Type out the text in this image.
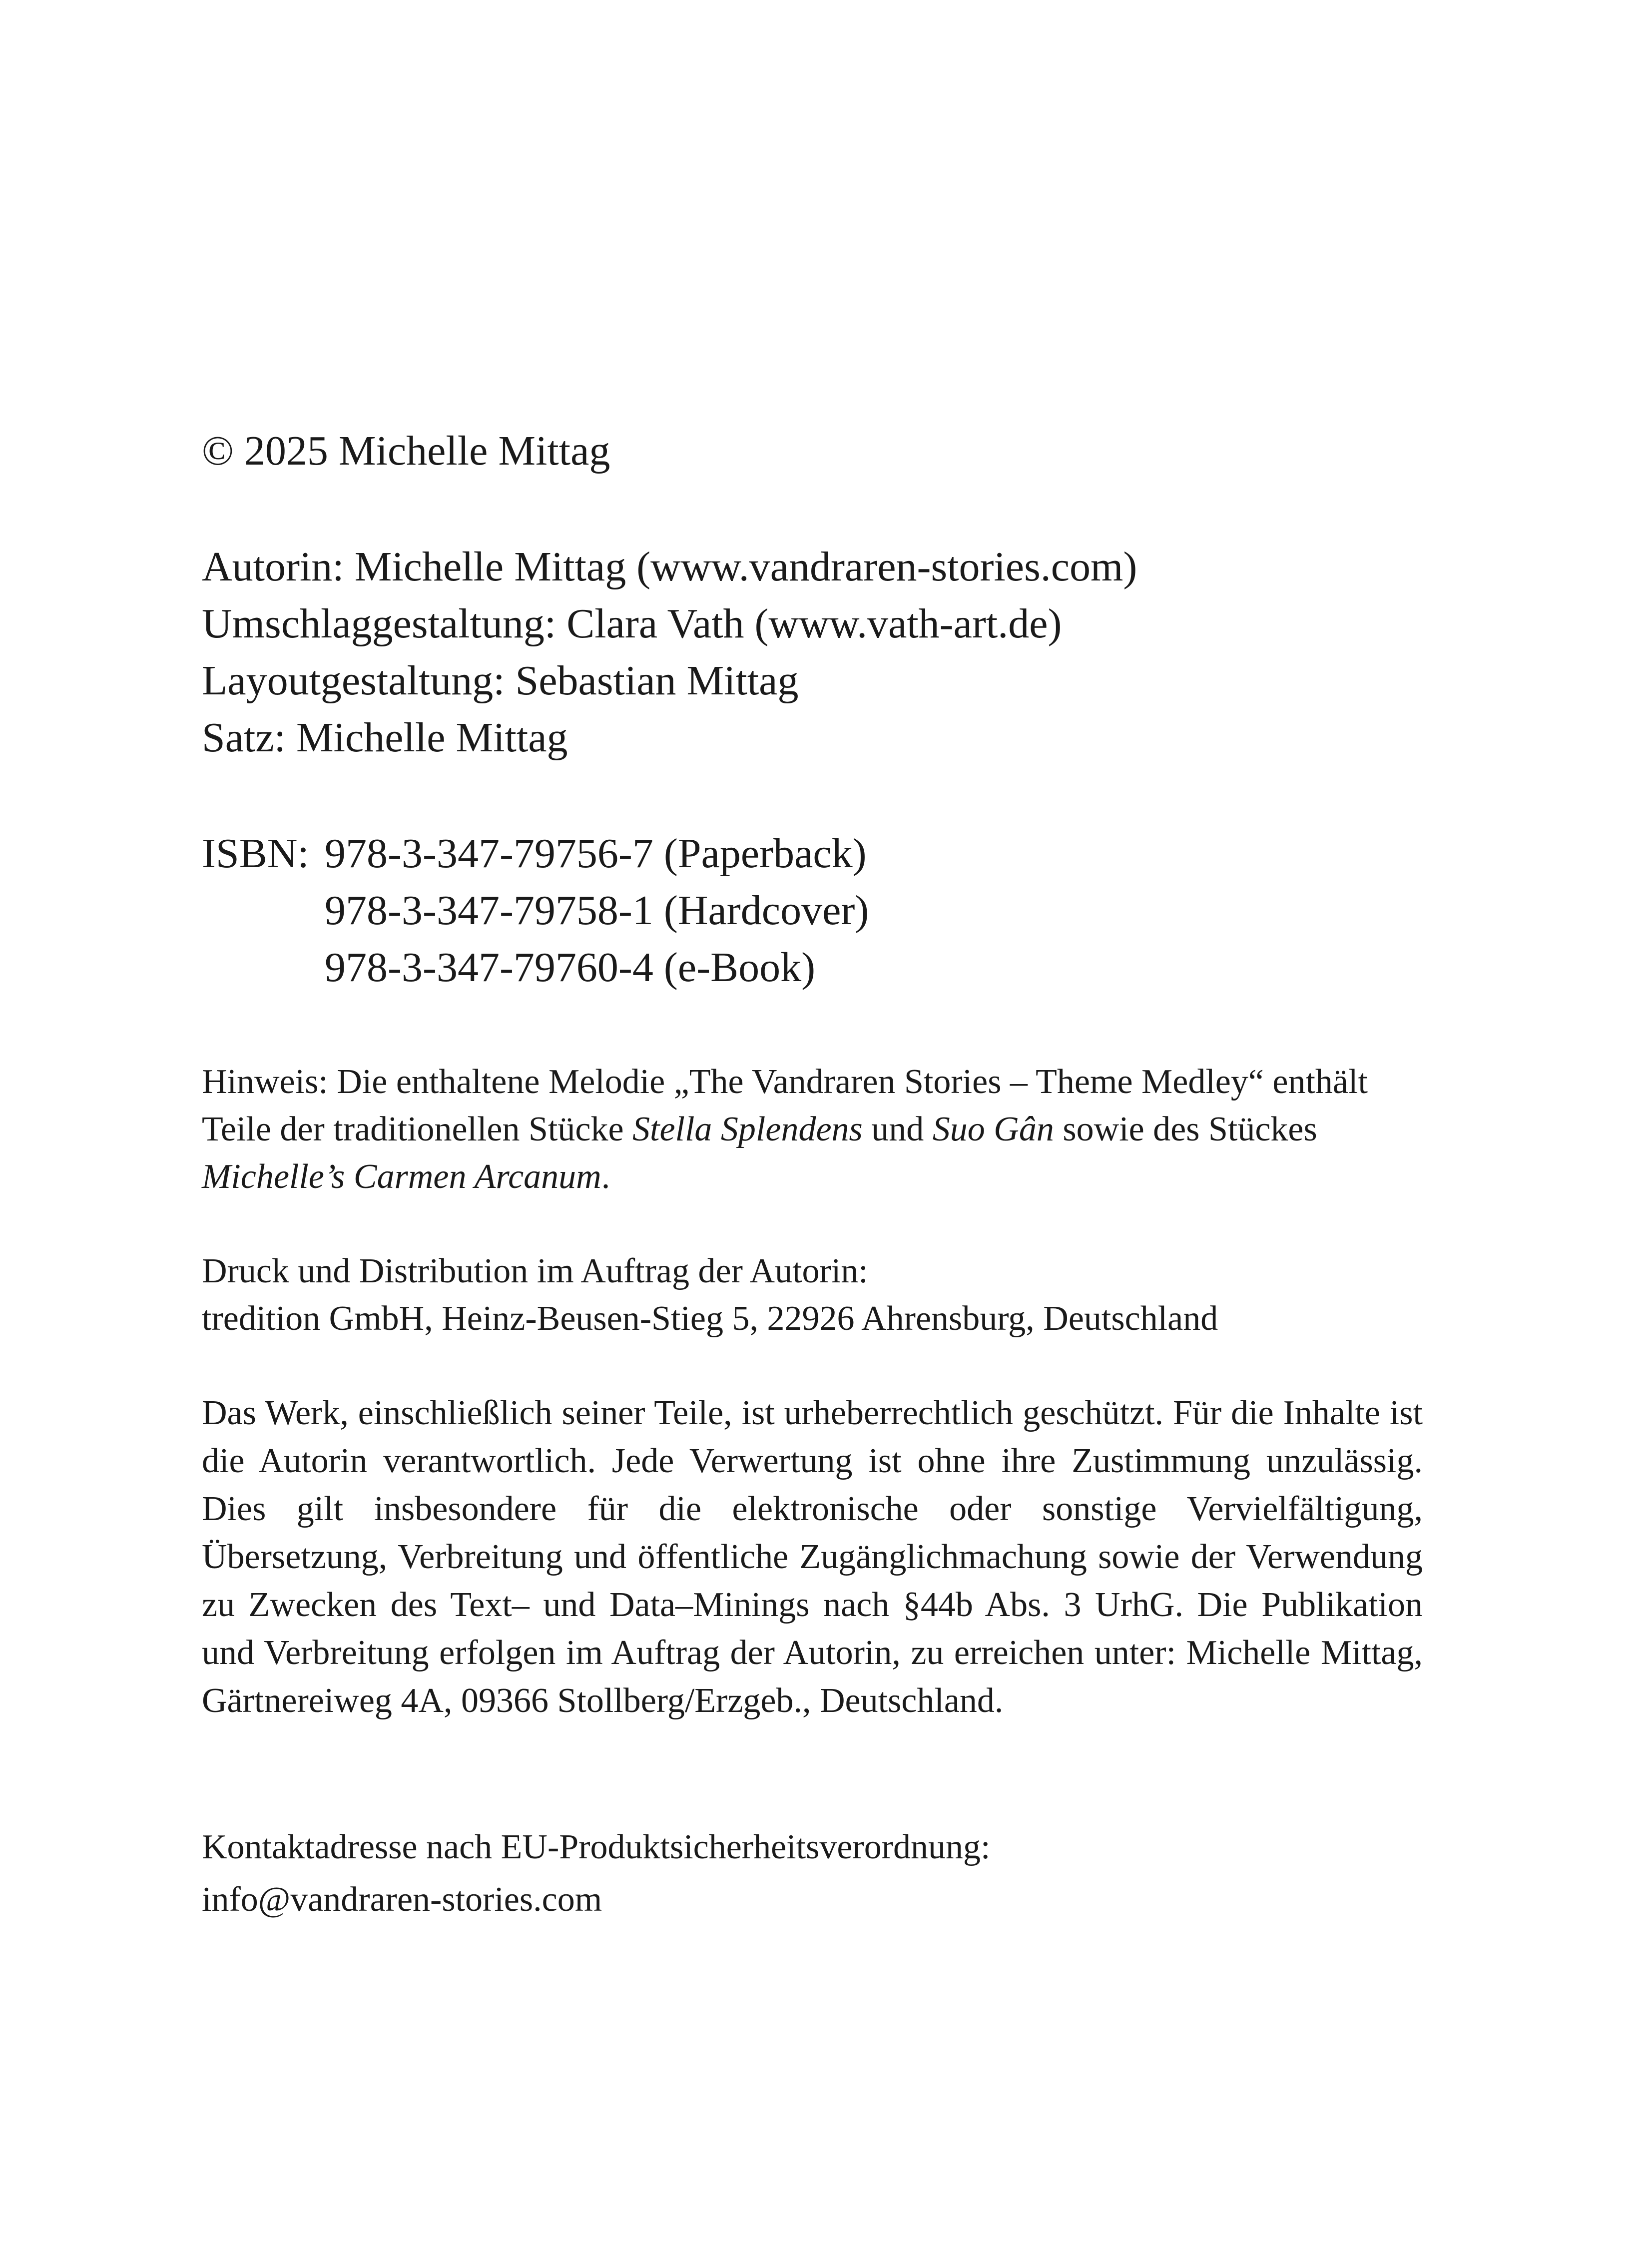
© 2025 Michelle Mittag
Autorin: Michelle Mittag (www.vandraren-stories.com)
Umschlaggestaltung: Clara Vath (www.vath-art.de)
Layoutgestaltung: Sebastian Mittag
Satz: Michelle Mittag
ISBN: 978-3-347-79756-7 (Paperback)
978-3-347-79758-1 (Hardcover)
978-3-347-79760-4 (e-Book)
Hinweis: Die enthaltene Melodie „The Vandraren Stories – Theme Medley“ enthält Teile der traditionellen Stücke Stella Splendens und Suo Gân sowie des Stückes Michelle’s Carmen Arcanum.
Druck und Distribution im Auftrag der Autorin:
tredition GmbH, Heinz-Beusen-Stieg 5, 22926 Ahrensburg, Deutschland
Das Werk, einschließlich seiner Teile, ist urheberrechtlich geschützt. Für die Inhalte ist die Autorin verantwortlich. Jede Verwertung ist ohne ihre Zustimmung unzulässig. Dies gilt insbesondere für die elektronische oder sonstige Vervielfältigung, Übersetzung, Verbreitung und öffentliche Zugänglichmachung sowie der Verwendung zu Zwecken des Text– und Data–Minings nach §44b Abs. 3 UrhG. Die Publikation und Verbreitung erfolgen im Auftrag der Autorin, zu erreichen unter: Michelle Mittag, Gärtnereiweg 4A, 09366 Stollberg/Erzgeb., Deutschland.
Kontaktadresse nach EU-Produktsicherheitsverordnung:
info@vandraren-stories.com
